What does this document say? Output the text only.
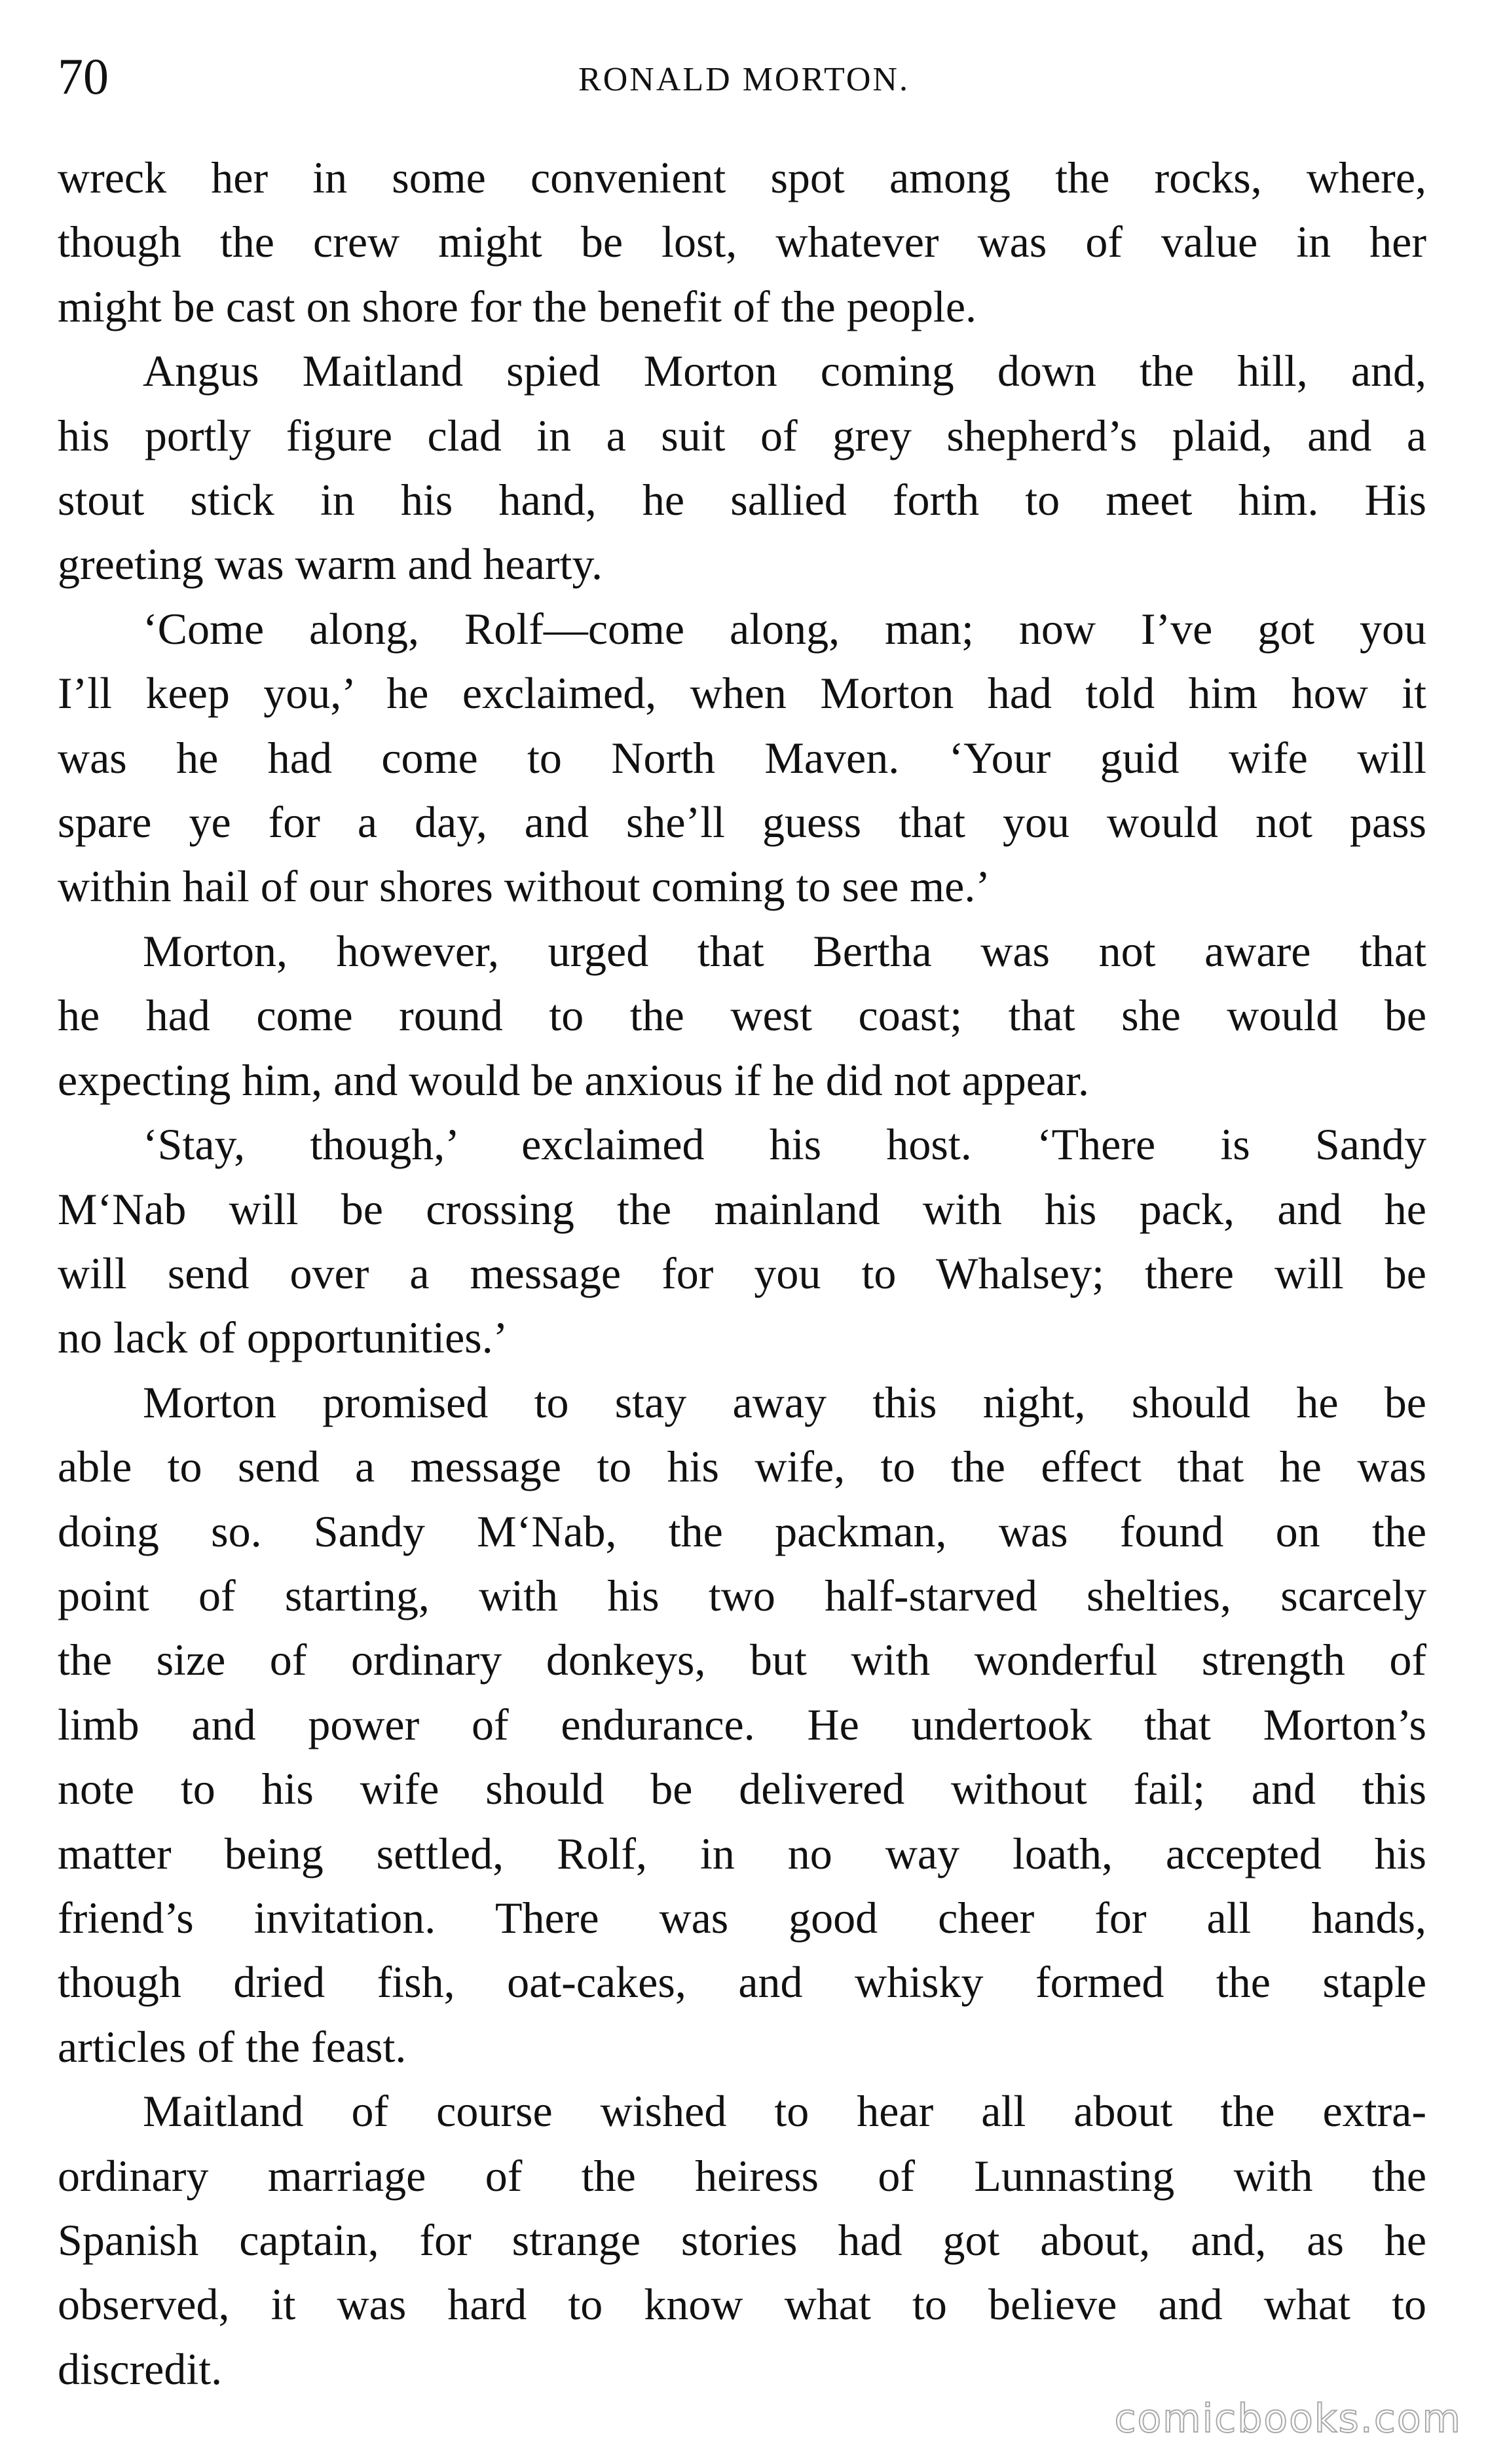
70	RONALD MORTON.

wreck her in some convenient spot among the rocks, where,
though the crew might be lost, whatever was of value in her
might be cast on shore for the benefit of the people.

Angus Maitland spied Morton coming down the hill, and,
his portly figure clad in a suit of grey shepherd’s plaid, and a
stout stick in his hand, he sallied forth to meet him. His
greeting was warm and hearty.

‘Come along, Rolf—come along, man; now I’ve got you
I’ll keep you,’ he exclaimed, when Morton had told him how it
was he had come to North Maven. ‘Your guid wife will
spare ye for a day, and she’ll guess that you would not pass
within hail of our shores without coming to see me.’

Morton, however, urged that Bertha was not aware that
he had come round to the west coast; that she would be
expecting him, and would be anxious if he did not appear.

‘Stay, though,’ exclaimed his host. ‘There is Sandy
M‘Nab will be crossing the mainland with his pack, and he
will send over a message for you to Whalsey; there will be
no lack of opportunities.’

Morton promised to stay away this night, should he be
able to send a message to his wife, to the effect that he was
doing so. Sandy M‘Nab, the packman, was found on the
point of starting, with his two half-starved shelties, scarcely
the size of ordinary donkeys, but with wonderful strength of
limb and power of endurance. He undertook that Morton’s
note to his wife should be delivered without fail; and this
matter being settled, Rolf, in no way loath, accepted his
friend’s invitation. There was good cheer for all hands,
though dried fish, oat-cakes, and whisky formed the staple
articles of the feast.

Maitland of course wished to hear all about the extra-
ordinary marriage of the heiress of Lunnasting with the
Spanish captain, for strange stories had got about, and, as he
observed, it was hard to know what to believe and what to
discredit.

comicbooks.com
